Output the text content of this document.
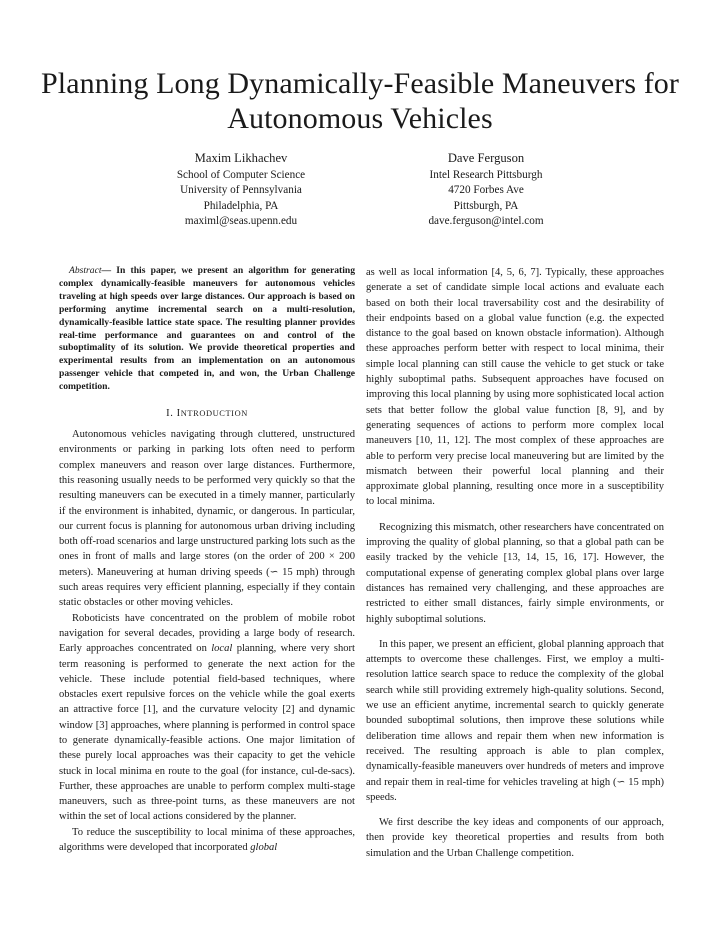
Planning Long Dynamically-Feasible Maneuvers for Autonomous Vehicles
Maxim Likhachev
School of Computer Science
University of Pennsylvania
Philadelphia, PA
maximl@seas.upenn.edu
Dave Ferguson
Intel Research Pittsburgh
4720 Forbes Ave
Pittsburgh, PA
dave.ferguson@intel.com

Abstract— In this paper, we present an algorithm for generating complex dynamically-feasible maneuvers for autonomous vehicles traveling at high speeds over large distances. Our approach is based on performing anytime incremental search on a multi-resolution, dynamically-feasible lattice state space. The resulting planner provides real-time performance and guarantees on and control of the suboptimality of its solution. We provide theoretical properties and experimental results from an implementation on an autonomous passenger vehicle that competed in, and won, the Urban Challenge competition.

I. INTRODUCTION

Autonomous vehicles navigating through cluttered, unstructured environments or parking in parking lots often need to perform complex maneuvers and reason over large distances. Furthermore, this reasoning usually needs to be performed very quickly so that the resulting maneuvers can be executed in a timely manner, particularly if the environment is inhabited, dynamic, or dangerous. In particular, our current focus is planning for autonomous urban driving including both off-road scenarios and large unstructured parking lots such as the ones in front of malls and large stores (on the order of 200 × 200 meters). Maneuvering at human driving speeds (∽ 15 mph) through such areas requires very efficient planning, especially if they contain static obstacles or other moving vehicles.

Roboticists have concentrated on the problem of mobile robot navigation for several decades, providing a large body of research. Early approaches concentrated on local planning, where very short term reasoning is performed to generate the next action for the vehicle. These include potential field-based techniques, where obstacles exert repulsive forces on the vehicle while the goal exerts an attractive force [1], and the curvature velocity [2] and dynamic window [3] approaches, where planning is performed in control space to generate dynamically-feasible actions. One major limitation of these purely local approaches was their capacity to get the vehicle stuck in local minima en route to the goal (for instance, cul-de-sacs). Further, these approaches are unable to perform complex multi-stage maneuvers, such as three-point turns, as these maneuvers are not within the set of local actions considered by the planner.

To reduce the susceptibility to local minima of these approaches, algorithms were developed that incorporated global

as well as local information [4, 5, 6, 7]. Typically, these approaches generate a set of candidate simple local actions and evaluate each based on both their local traversability cost and the desirability of their endpoints based on a global value function (e.g. the expected distance to the goal based on known obstacle information). Although these approaches perform better with respect to local minima, their simple local planning can still cause the vehicle to get stuck or take highly suboptimal paths. Subsequent approaches have focused on improving this local planning by using more sophisticated local action sets that better follow the global value function [8, 9], and by generating sequences of actions to perform more complex local maneuvers [10, 11, 12]. The most complex of these approaches are able to perform very precise local maneuvering but are limited by the mismatch between their powerful local planning and their approximate global planning, resulting once more in a susceptibility to local minima.

Recognizing this mismatch, other researchers have concentrated on improving the quality of global planning, so that a global path can be easily tracked by the vehicle [13, 14, 15, 16, 17]. However, the computational expense of generating complex global plans over large distances has remained very challenging, and these approaches are restricted to either small distances, fairly simple environments, or highly suboptimal solutions.

In this paper, we present an efficient, global planning approach that attempts to overcome these challenges. First, we employ a multi-resolution lattice search space to reduce the complexity of the global search while still providing extremely high-quality solutions. Second, we use an efficient anytime, incremental search to quickly generate bounded suboptimal solutions, then improve these solutions while deliberation time allows and repair them when new information is received. The resulting approach is able to plan complex, dynamically-feasible maneuvers over hundreds of meters and improve and repair them in real-time for vehicles traveling at high (∽ 15 mph) speeds.

We first describe the key ideas and components of our approach, then provide key theoretical properties and results from both simulation and the Urban Challenge competition.
